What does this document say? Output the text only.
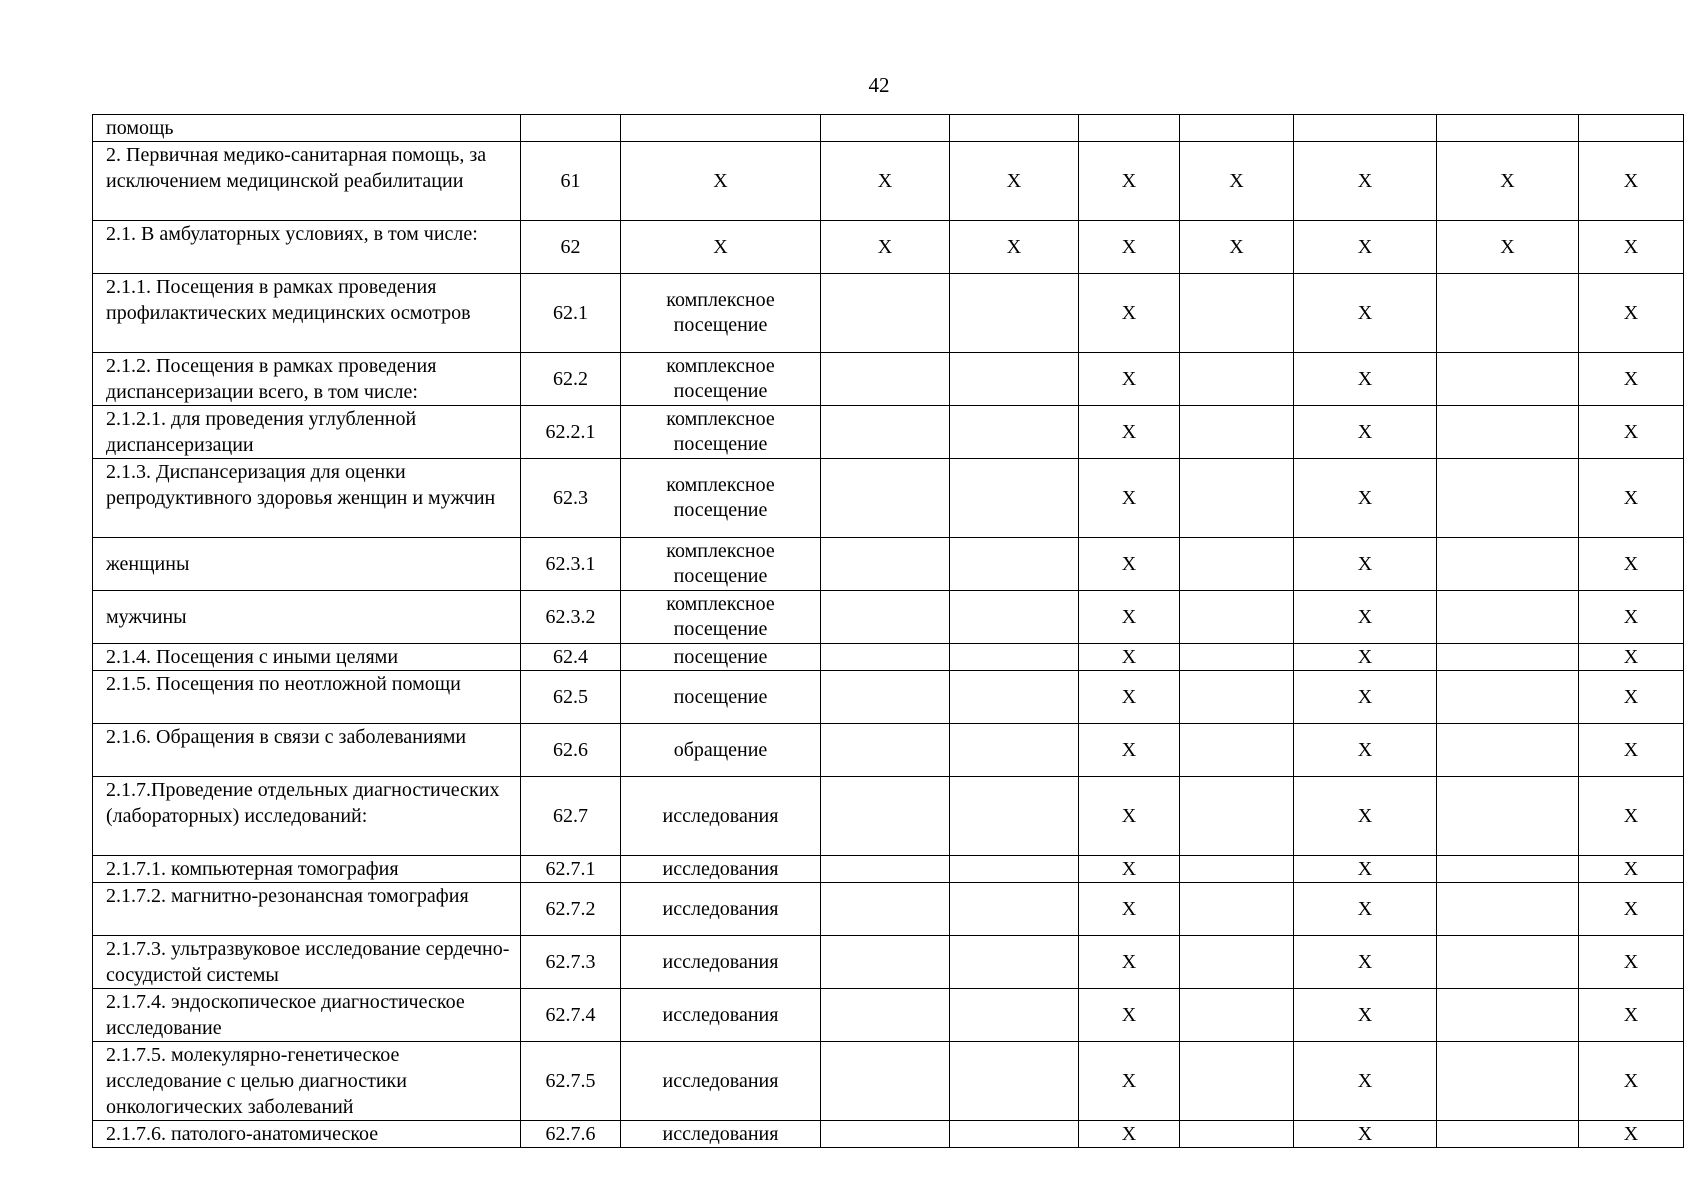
42
помощь									
2. Первичная медико-санитарная помощь, за исключением медицинской реабилитации	61	Х	Х	Х	Х	Х	Х	Х	Х
2.1. В амбулаторных условиях, в том числе:	62	Х	Х	Х	Х	Х	Х	Х	Х
2.1.1. Посещения в рамках проведения профилактических медицинских осмотров	62.1	комплексное посещение			Х		Х		Х
2.1.2. Посещения в рамках проведения диспансеризации всего, в том числе:	62.2	комплексное посещение			Х		Х		Х
2.1.2.1. для проведения углубленной диспансеризации	62.2.1	комплексное посещение			Х		Х		Х
2.1.3. Диспансеризация для оценки репродуктивного здоровья женщин и мужчин	62.3	комплексное посещение			Х		Х		Х
женщины	62.3.1	комплексное посещение			Х		Х		Х
мужчины	62.3.2	комплексное посещение			Х		Х		Х
2.1.4. Посещения с иными целями	62.4	посещение			Х		Х		Х
2.1.5. Посещения по неотложной помощи	62.5	посещение			Х		Х		Х
2.1.6. Обращения в связи с заболеваниями	62.6	обращение			Х		Х		Х
2.1.7.Проведение отдельных диагностических (лабораторных) исследований:	62.7	исследования			Х		Х		Х
2.1.7.1. компьютерная томография	62.7.1	исследования			Х		Х		Х
2.1.7.2. магнитно-резонансная томография	62.7.2	исследования			Х		Х		Х
2.1.7.3. ультразвуковое исследование сердечно-сосудистой системы	62.7.3	исследования			Х		Х		Х
2.1.7.4. эндоскопическое диагностическое исследование	62.7.4	исследования			Х		Х		Х
2.1.7.5. молекулярно-генетическое исследование с целью диагностики онкологических заболеваний	62.7.5	исследования			Х		Х		Х
2.1.7.6. патолого-анатомическое	62.7.6	исследования			Х		Х		Х
